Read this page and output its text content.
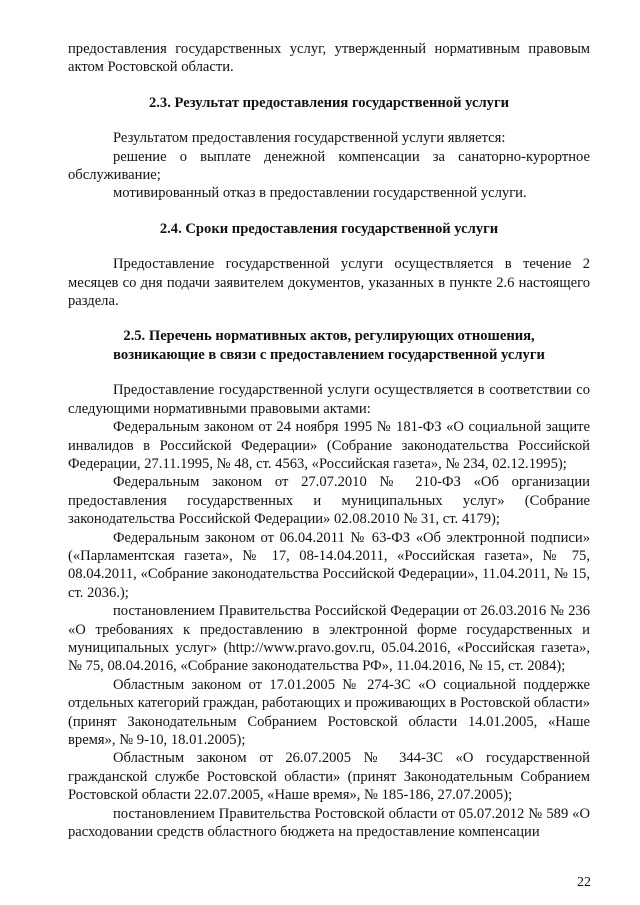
предоставления государственных услуг, утвержденный нормативным правовым актом Ростовской области.

2.3. Результат предоставления государственной услуги

Результатом предоставления государственной услуги является:

решение о выплате денежной компенсации за санаторно-курортное обслуживание;

мотивированный отказ в предоставлении государственной услуги.

2.4. Сроки предоставления государственной услуги

Предоставление государственной услуги осуществляется в течение 2 месяцев со дня подачи заявителем документов, указанных в пункте 2.6 настоящего раздела.

2.5. Перечень нормативных актов, регулирующих отношения,

возникающие в связи с предоставлением государственной услуги

Предоставление государственной услуги осуществляется в соответствии со следующими нормативными правовыми актами:

Федеральным законом от 24 ноября 1995 № 181-ФЗ «О социальной защите инвалидов в Российской Федерации» (Собрание законодательства Российской Федерации, 27.11.1995, № 48, ст. 4563, «Российская газета», № 234, 02.12.1995);

Федеральным законом от 27.07.2010 № 210-ФЗ «Об организации предоставления государственных и муниципальных услуг» (Собрание законодательства Российской Федерации» 02.08.2010 № 31, ст. 4179);

Федеральным законом от 06.04.2011 № 63-ФЗ «Об электронной подписи» («Парламентская газета», № 17, 08-14.04.2011, «Российская газета», № 75, 08.04.2011, «Собрание законодательства Российской Федерации», 11.04.2011, № 15, ст. 2036.);

постановлением Правительства Российской Федерации от 26.03.2016 № 236 «О требованиях к предоставлению в электронной форме государственных и муниципальных услуг» (http://www.pravo.gov.ru, 05.04.2016, «Российская газета», № 75, 08.04.2016, «Собрание законодательства РФ», 11.04.2016, № 15, ст. 2084);

Областным законом от 17.01.2005 № 274-ЗС «О социальной поддержке отдельных категорий граждан, работающих и проживающих в Ростовской области» (принят Законодательным Собранием Ростовской области 14.01.2005, «Наше время», № 9-10, 18.01.2005);

Областным законом от 26.07.2005 № 344-ЗС «О государственной гражданской службе Ростовской области» (принят Законодательным Собранием Ростовской области 22.07.2005, «Наше время», № 185-186, 27.07.2005);

постановлением Правительства Ростовской области от 05.07.2012 № 589 «О расходовании средств областного бюджета на предоставление компенсации

22
